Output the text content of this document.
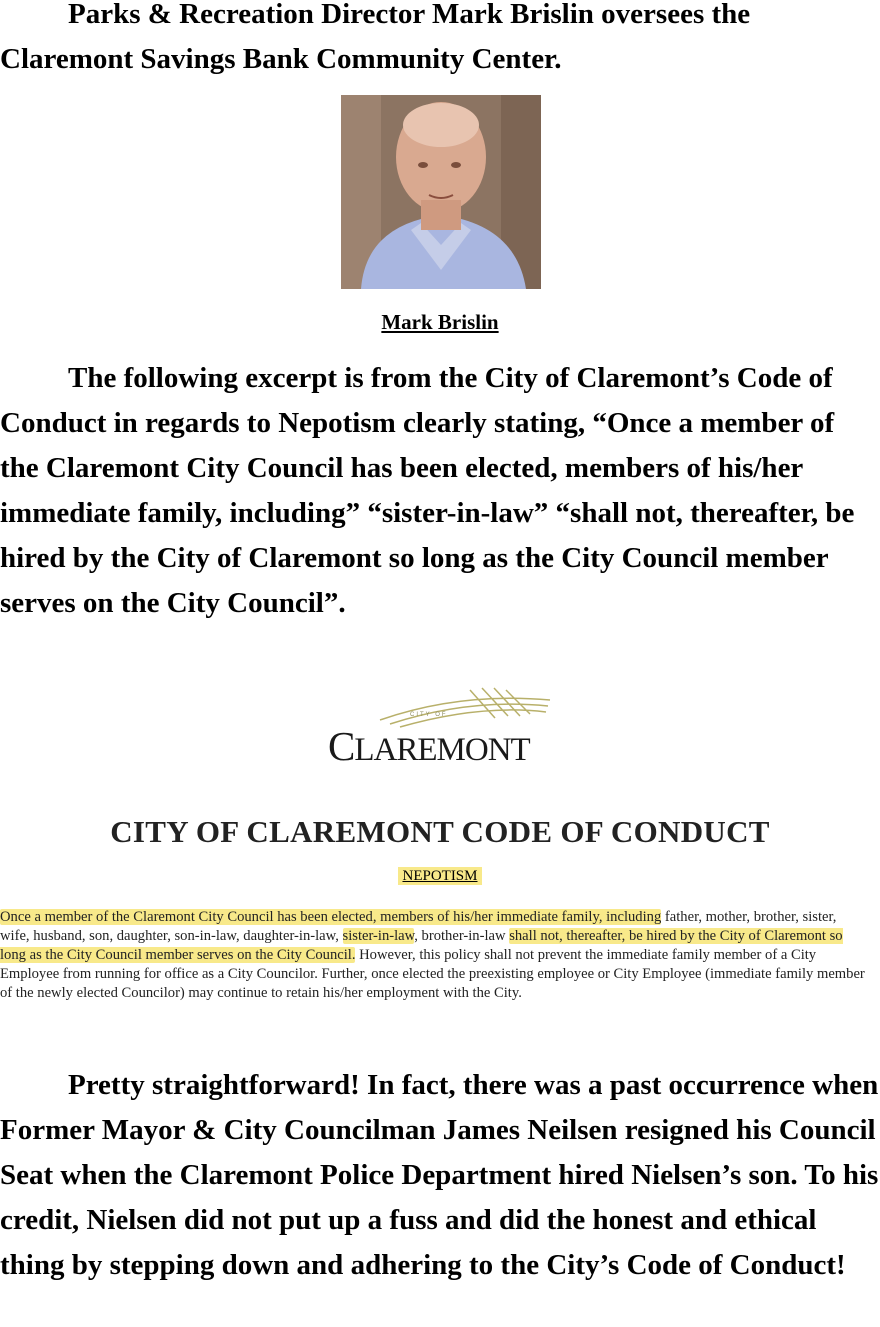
Parks & Recreation Director Mark Brislin oversees the Claremont Savings Bank Community Center.

Mark Brislin

The following excerpt is from the City of Claremont’s Code of Conduct in regards to Nepotism clearly stating, “Once a member of the Claremont City Council has been elected, members of his/her immediate family, including” “sister-in-law” “shall not, thereafter, be hired by the City of Claremont so long as the City Council member serves on the City Council”.

CITY OF
CLAREMONT
CITY OF CLAREMONT CODE OF CONDUCT
NEPOTISM
Once a member of the Claremont City Council has been elected, members of his/her immediate family, including father, mother, brother, sister, wife, husband, son, daughter, son-in-law, daughter-in-law, sister-in-law, brother-in-law shall not, thereafter, be hired by the City of Claremont so long as the City Council member serves on the City Council. However, this policy shall not prevent the immediate family member of a City Employee from running for office as a City Councilor. Further, once elected the preexisting employee or City Employee (immediate family member of the newly elected Councilor) may continue to retain his/her employment with the City.

Pretty straightforward! In fact, there was a past occurrence when Former Mayor & City Councilman James Neilsen resigned his Council Seat when the Claremont Police Department hired Nielsen’s son. To his credit, Nielsen did not put up a fuss and did the honest and ethical thing by stepping down and adhering to the City’s Code of Conduct!
